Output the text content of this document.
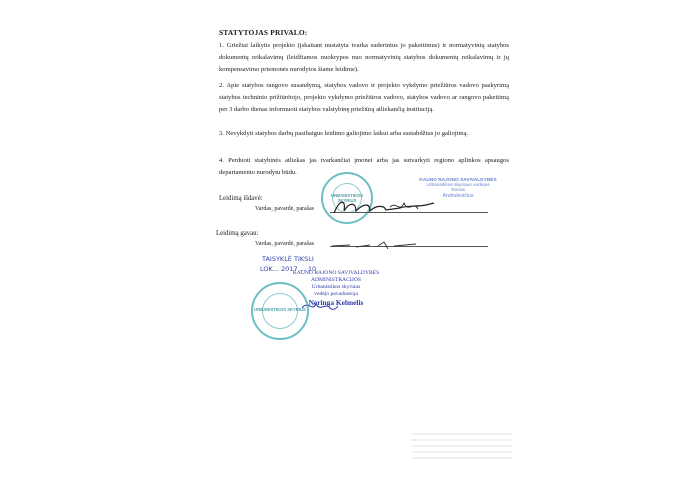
STATYTOJAS PRIVALO:
1. Griežtai laikytis projekto (įskaitant nustatyta tvarka suderintus jo pakeitimus) ir normatyvinių statybos dokumentų reikalavimų (leidžiamos nuokrypos nuo normatyvinių statybos dokumentų reikalavimų ir jų kompensavimo priemonės nurodytos šiame leidime).
2. Apie statybos rangovo susandymą, statybos vadovo ir projekto vykdymo priežiūros vadovo paskyrimą statybos techninio prižiūrėtojo, projekto vykdymo priežiūros vadovo, statybos vadovo ar rangovo pakeitimą per 3 darbo dienas informuoti statybos valstybinę priežiūrą atliekančią instituciją.
3. Nevykdyti statybos darbų pasibaigus leidimo galiojimo laikui arba sustabdžius jo galiojimą.
4. Perduoti statybinės atliekas jas tvarkančiai įmonei arba jas sutvarkyti regiono aplinkos apsaugos departamento nurodytu būdu.
URBANISTIKOS SKYRIUS
KAUNO RAJONO SAVIVALDYBĖS
Urbanistikos skyriaus vedėjas
Tomas
Andrulevičius
Leidimą išdavė:
Vardas, pavardė, parašas
Leidimą gavau:
Vardas, pavardė, parašas
TAISYKLĖ TIKSLI
LOK... 2017 ... 10
KAUNO RAJONO SAVIVALDYBĖS
ADMINISTRACIJOS
Urbanistikos skyriaus
vedėjo pavaduotoja
Neringa Kelmelis
URBANISTIKOS SKYRIUS
